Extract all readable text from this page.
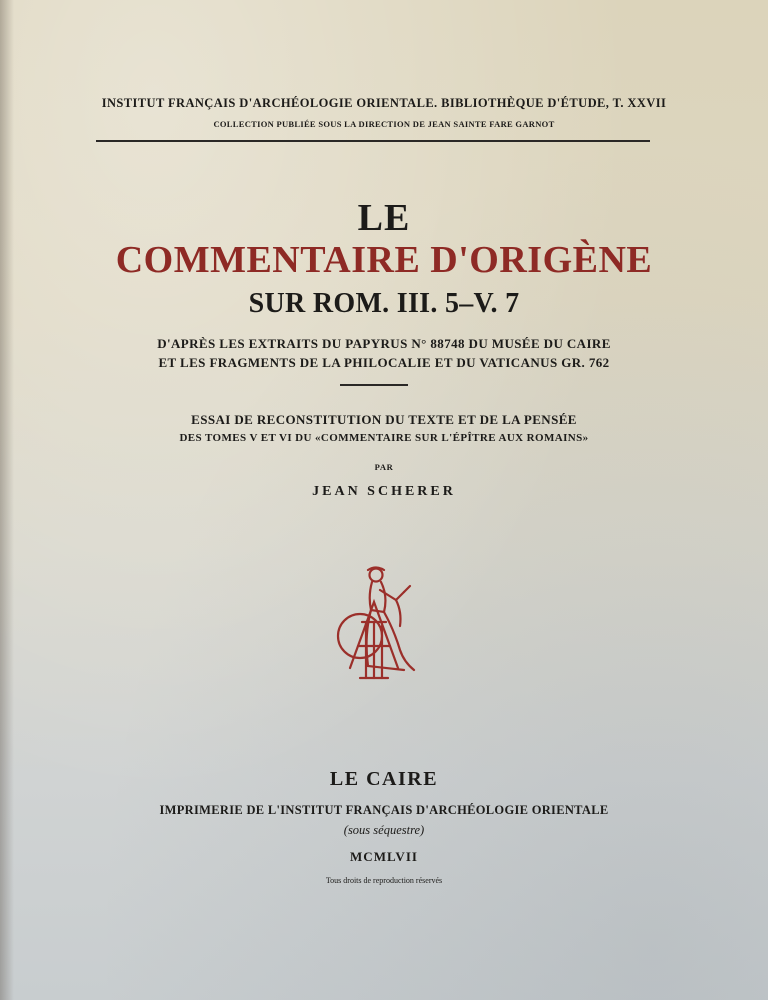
INSTITUT FRANÇAIS D'ARCHÉOLOGIE ORIENTALE. BIBLIOTHÈQUE D'ÉTUDE, T. XXVII
COLLECTION PUBLIÉE SOUS LA DIRECTION DE JEAN SAINTE FARE GARNOT
LE
COMMENTAIRE D'ORIGÈNE
SUR ROM. III. 5–V. 7
D'APRÈS LES EXTRAITS DU PAPYRUS N° 88748 DU MUSÉE DU CAIRE
ET LES FRAGMENTS DE LA PHILOCALIE ET DU VATICANUS GR. 762
ESSAI DE RECONSTITUTION DU TEXTE ET DE LA PENSÉE
DES TOMES V ET VI DU «COMMENTAIRE SUR L'ÉPÎTRE AUX ROMAINS»
PAR
JEAN SCHERER
LE CAIRE
IMPRIMERIE DE L'INSTITUT FRANÇAIS D'ARCHÉOLOGIE ORIENTALE
(sous séquestre)
MCMLVII
Tous droits de reproduction réservés
